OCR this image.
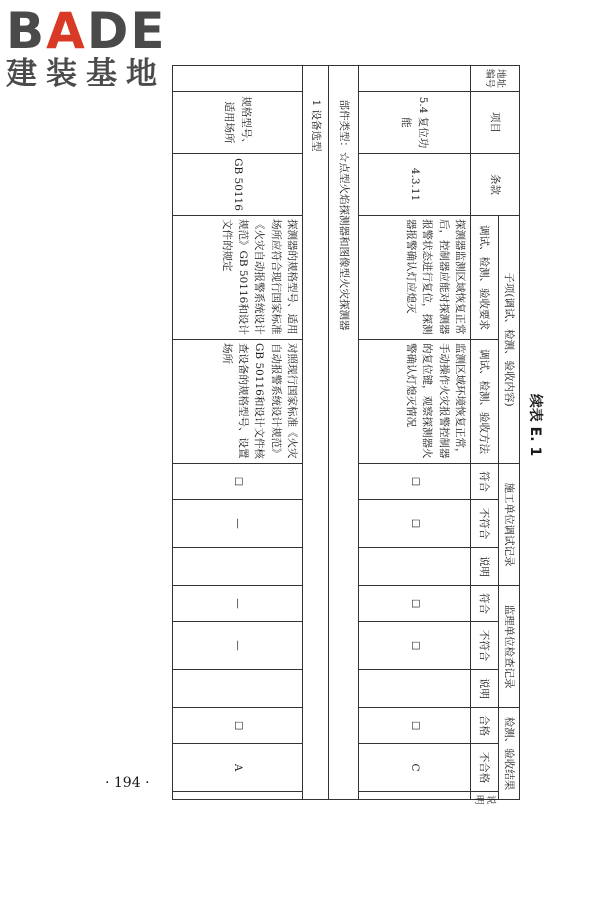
BADE
建装基地
· 194 ·
续表 E. 1
地址编号	项目	条款	子项(调试、检测、验收内容)		施工单位调试记录			监理单位检查记录			检测、验收结果		
			调试、检测、验收要求	调试、检测、验收方法	符合	不符合	说明	符合	不符合	说明	合格	不合格	说明

	5.4 复位功能	4.3.11	探测器监测区域恢复正常后，控制器应能对探测器报警状态进行复位，探测器报警确认灯应熄灭	监测区域环境恢复正常，手动操作火灾报警控制器的复位键，观察探测器火警确认灯熄灭情况	☐	☐		☐	☐		☐	C	
	部件类型：☆点型火焰探测器和图像型火灾探测器												
	1 设备选型												
	规格型号、适用场所	GB 50116	探测器的规格型号、适用场所应符合现行国家标准《火灾自动报警系统设计规范》GB 50116和设计文件的规定	对照现行国家标准《火灾自动报警系统设计规范》GB 50116和设计文件核查设备的规格型号、设置场所	☐	—		—	—		☐	A	
